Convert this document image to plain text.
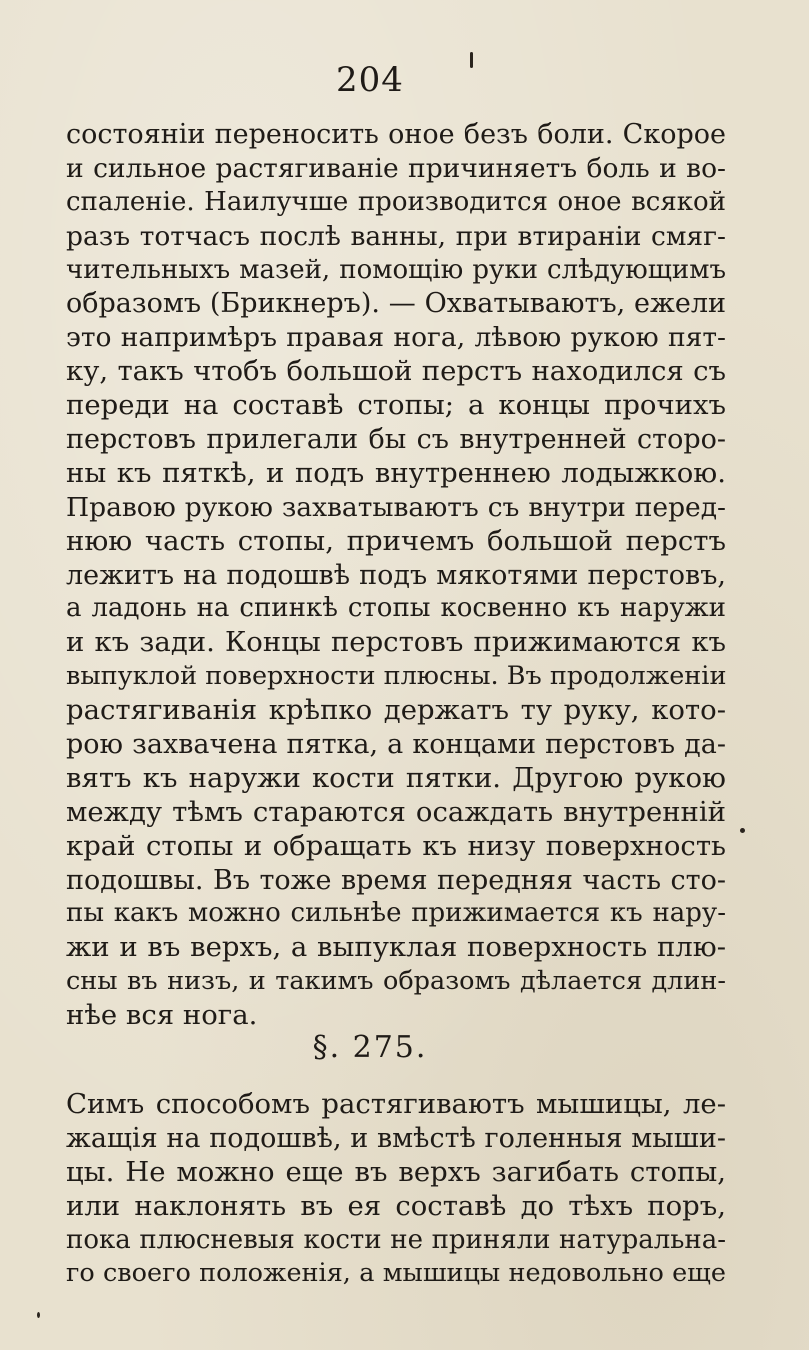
204
состояніи переносить оное безъ боли. Скорое
и сильное растягиваніе причиняетъ боль и во-
спаленіе. Наилучше производится оное всякой
разъ тотчасъ послѣ ванны, при втираніи смяг-
чительныхъ мазей, помощію руки слѣдующимъ
образомъ (Брикнеръ). — Охватываютъ, ежели
это напримѣръ правая нога, лѣвою рукою пят-
ку, такъ чтобъ большой перстъ находился съ
переди на составѣ стопы; а концы прочихъ
перстовъ прилегали бы съ внутренней сторо-
ны къ пяткѣ, и подъ внутреннею лодыжкою.
Правою рукою захватываютъ съ внутри перед-
нюю часть стопы, причемъ большой перстъ
лежитъ на подошвѣ подъ мякотями перстовъ,
а ладонь на спинкѣ стопы косвенно къ наружи
и къ зади. Концы перстовъ прижимаются къ
выпуклой поверхности плюсны. Въ продолженіи
растягиванія крѣпко держатъ ту руку, кото-
рою захвачена пятка, а концами перстовъ да-
вятъ къ наружи кости пятки. Другою рукою
между тѣмъ стараются осаждать внутренній
край стопы и обращать къ низу поверхность
подошвы. Въ тоже время передняя часть сто-
пы какъ можно сильнѣе прижимается къ нару-
жи и въ верхъ, а выпуклая поверхность плю-
сны въ низъ, и такимъ образомъ дѣлается длин-
нѣе вся нога.
§. 275.
Симъ способомъ растягиваютъ мышицы, ле-
жащія на подошвѣ, и вмѣстѣ голенныя мыши-
цы. Не можно еще въ верхъ загибать стопы,
или наклонять въ ея составѣ до тѣхъ поръ,
пока плюсневыя кости не приняли натуральна-
го своего положенія, а мышицы недовольно еще
